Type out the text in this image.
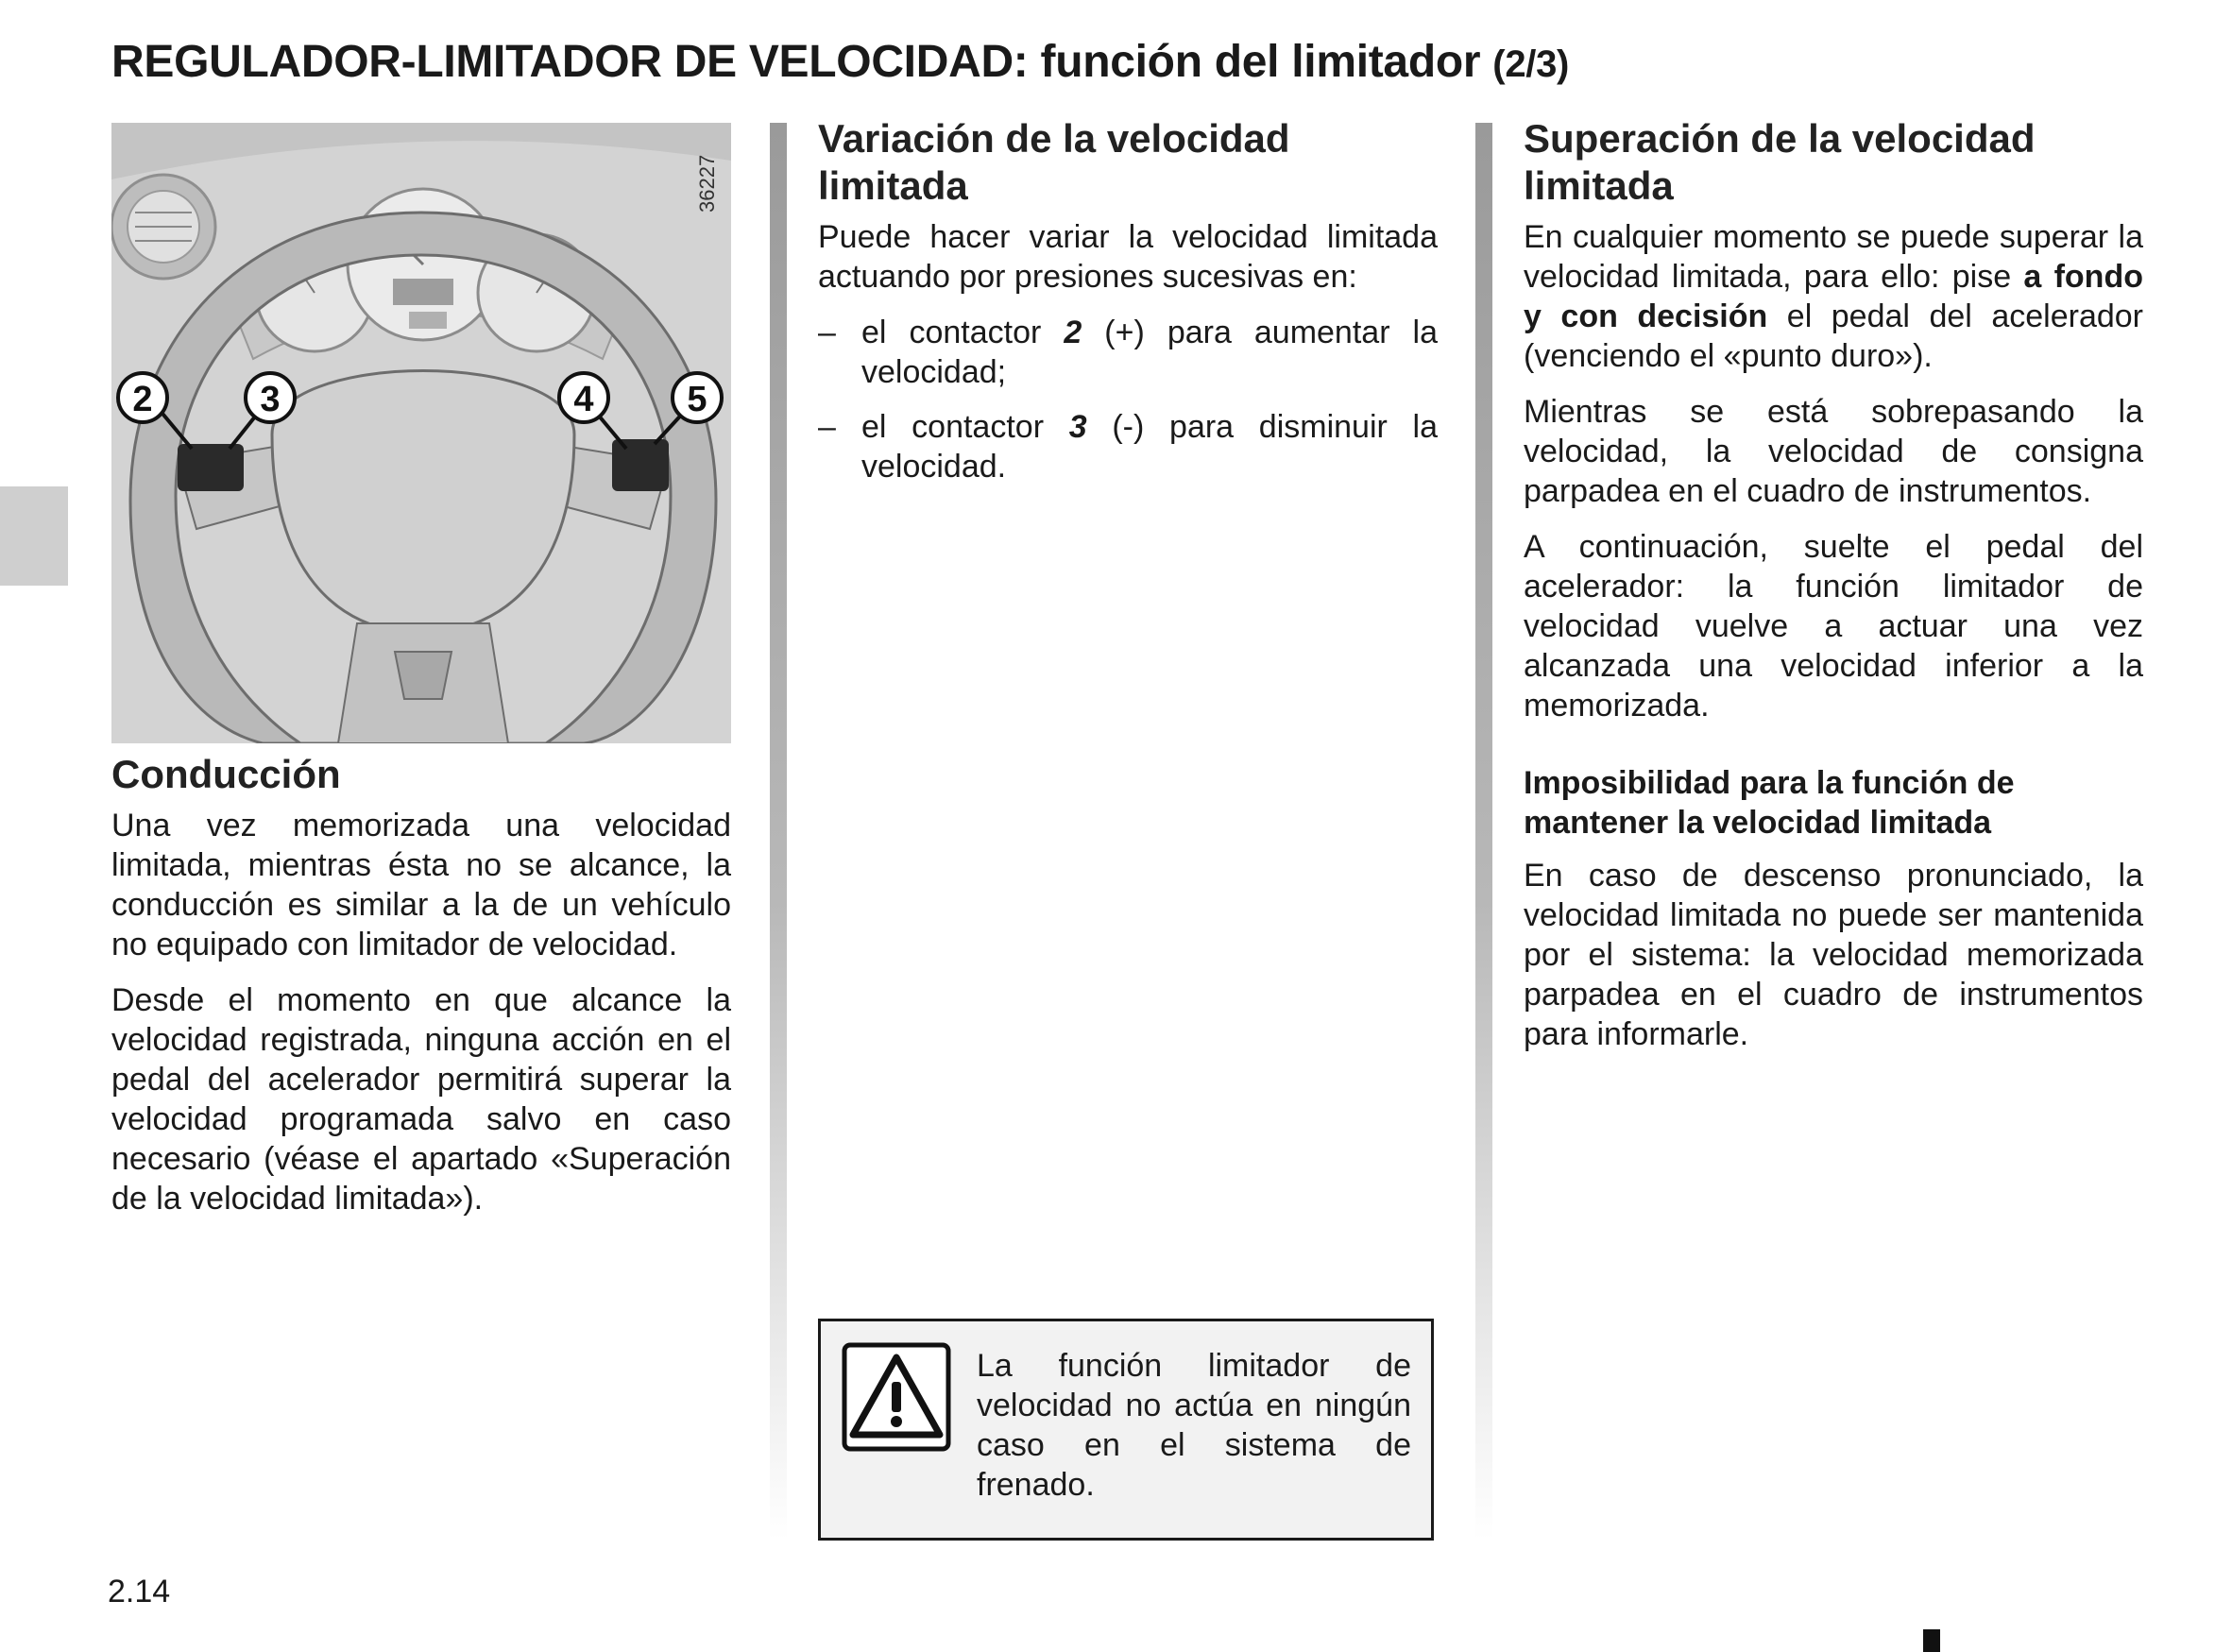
REGULADOR-LIMITADOR DE VELOCIDAD: función del limitador (2/3)
36227
2	3	4	5
Conducción

Una vez memorizada una velocidad limitada, mientras ésta no se alcance, la conducción es similar a la de un vehículo no equipado con limitador de velocidad.

Desde el momento en que alcance la velocidad registrada, ninguna acción en el pedal del acelerador permitirá superar la velocidad programada salvo en caso necesario (véase el apartado «Superación de la velocidad limitada»).

Variación de la velocidad limitada

Puede hacer variar la velocidad limitada actuando por presiones sucesivas en:

– el contactor 2 (+) para aumentar la velocidad;
– el contactor 3 (-) para disminuir la velocidad.

La función limitador de velocidad no actúa en ningún caso en el sistema de frenado.

Superación de la velocidad limitada

En cualquier momento se puede superar la velocidad limitada, para ello: pise a fondo y con decisión el pedal del acelerador (venciendo el «punto duro»).

Mientras se está sobrepasando la velocidad, la velocidad de consigna parpadea en el cuadro de instrumentos.

A continuación, suelte el pedal del acelerador: la función limitador de velocidad vuelve a actuar una vez alcanzada una velocidad inferior a la memorizada.

Imposibilidad para la función de mantener la velocidad limitada

En caso de descenso pronunciado, la velocidad limitada no puede ser mantenida por el sistema: la velocidad memorizada parpadea en el cuadro de instrumentos para informarle.

2.14
